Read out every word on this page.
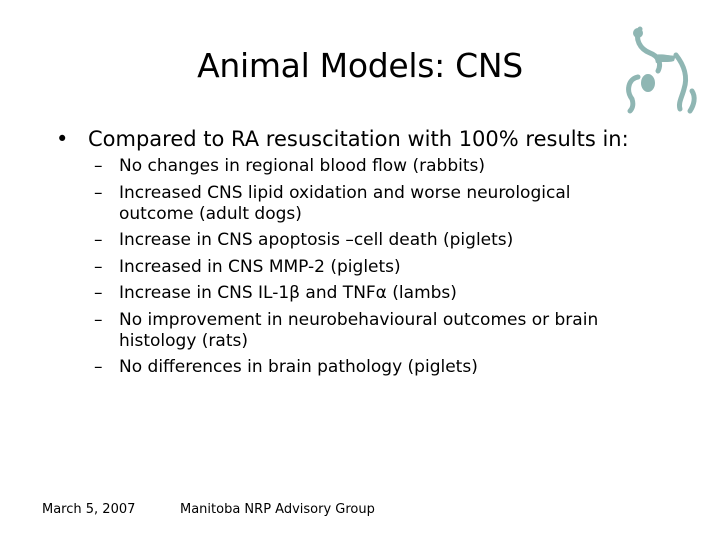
Animal Models: CNS
• Compared to RA resuscitation with 100% results in:
– No changes in regional blood flow (rabbits)
– Increased CNS lipid oxidation and worse neurological outcome (adult dogs)
– Increase in CNS apoptosis –cell death (piglets)
– Increased in CNS MMP-2 (piglets)
– Increase in CNS IL-1β and TNFα (lambs)
– No improvement in neurobehavioural outcomes or brain histology (rats)
– No differences in brain pathology (piglets)
March 5, 2007	Manitoba NRP Advisory Group
